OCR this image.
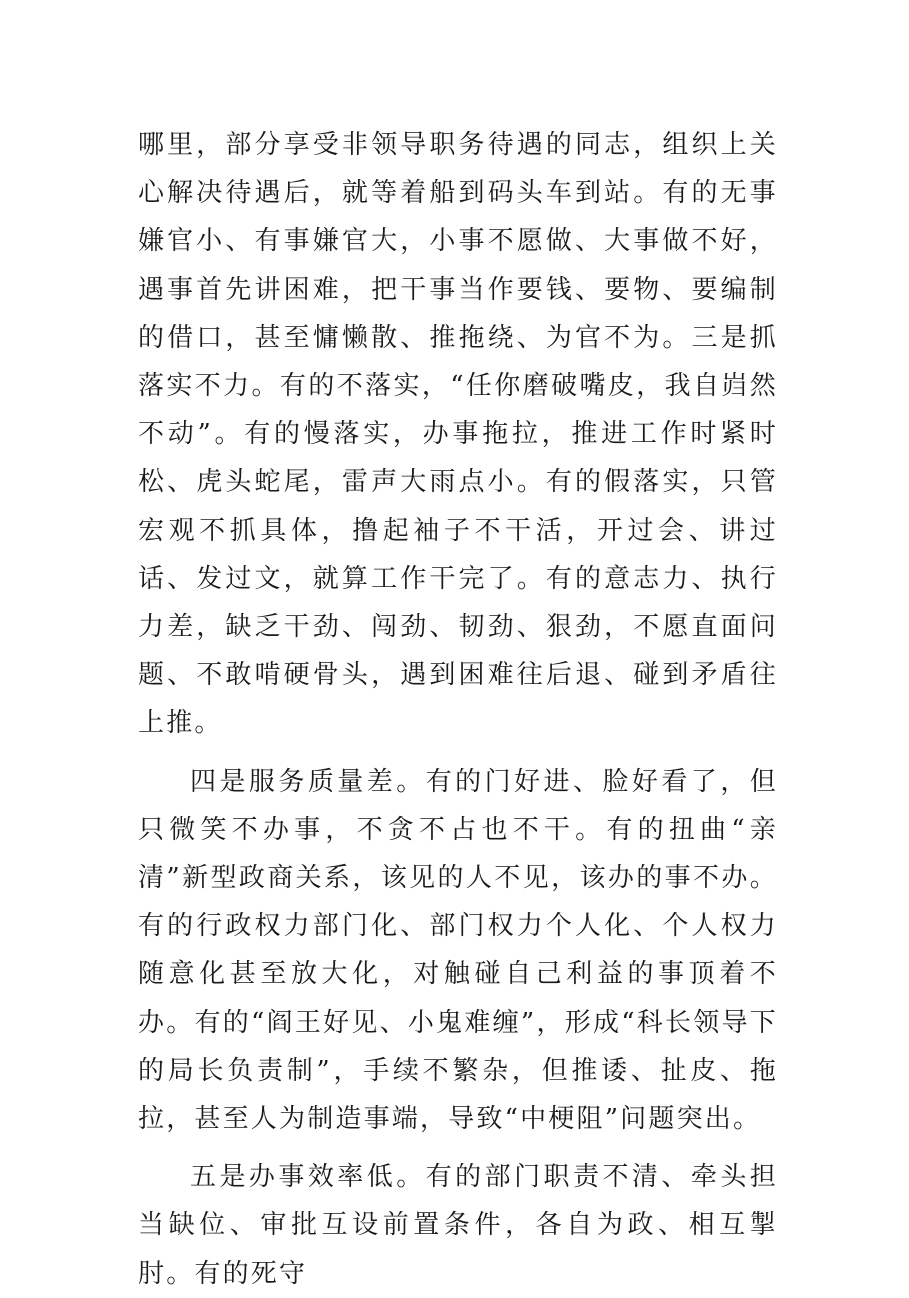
哪里，部分享受非领导职务待遇的同志，组织上关心解决待遇后，就等着船到码头车到站。有的无事嫌官小、有事嫌官大，小事不愿做、大事做不好，遇事首先讲困难，把干事当作要钱、要物、要编制的借口，甚至慵懒散、推拖绕、为官不为。三是抓落实不力。有的不落实，“任你磨破嘴皮，我自岿然不动”。有的慢落实，办事拖拉，推进工作时紧时松、虎头蛇尾，雷声大雨点小。有的假落实，只管宏观不抓具体，撸起袖子不干活，开过会、讲过话、发过文，就算工作干完了。有的意志力、执行力差，缺乏干劲、闯劲、韧劲、狠劲，不愿直面问题、不敢啃硬骨头，遇到困难往后退、碰到矛盾往上推。

四是服务质量差。有的门好进、脸好看了，但只微笑不办事，不贪不占也不干。有的扭曲“亲清”新型政商关系，该见的人不见，该办的事不办。有的行政权力部门化、部门权力个人化、个人权力随意化甚至放大化，对触碰自己利益的事顶着不办。有的“阎王好见、小鬼难缠”，形成“科长领导下的局长负责制”，手续不繁杂，但推诿、扯皮、拖拉，甚至人为制造事端，导致“中梗阻”问题突出。

五是办事效率低。有的部门职责不清、牵头担当缺位、审批互设前置条件，各自为政、相互掣肘。有的死守
